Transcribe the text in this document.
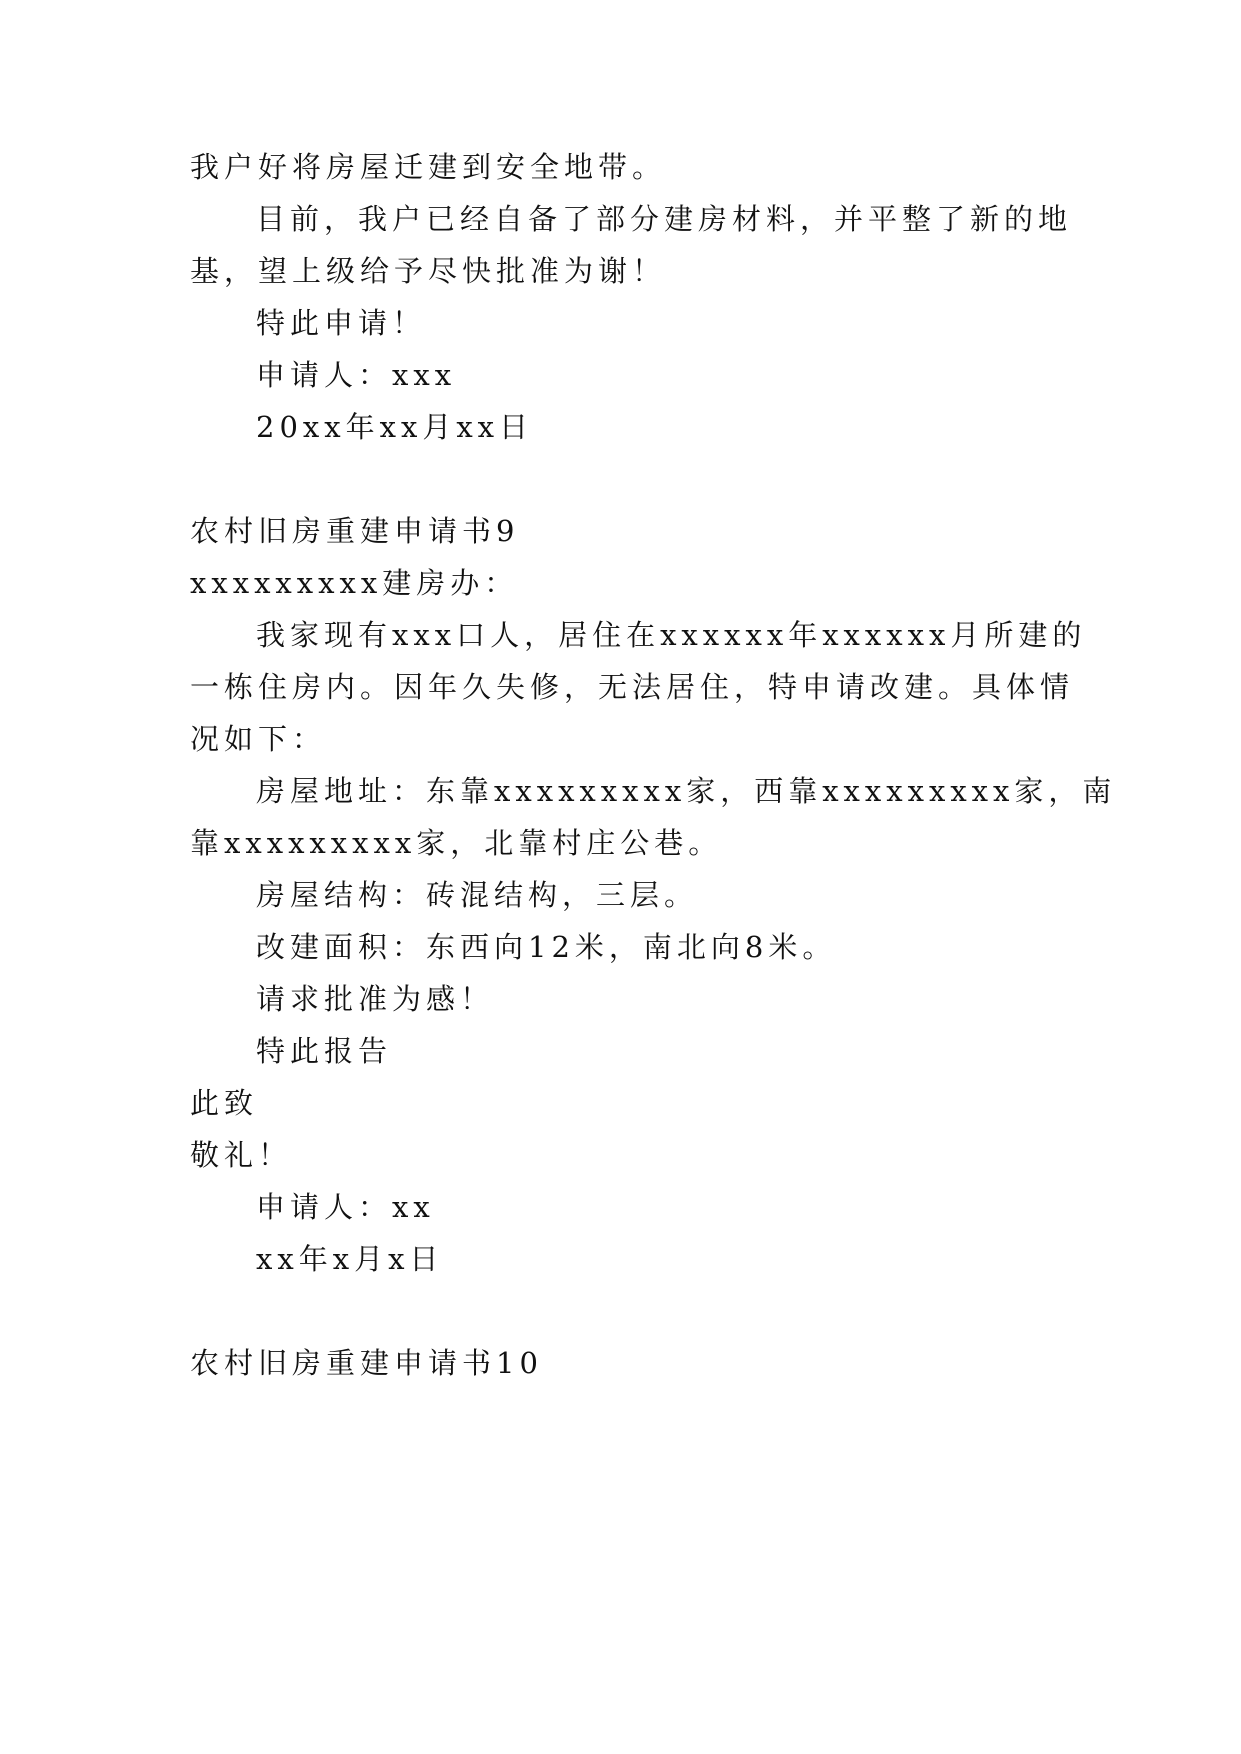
我户好将房屋迁建到安全地带。
目前，我户已经自备了部分建房材料，并平整了新的地
基，望上级给予尽快批准为谢！
特此申请！
申请人：xxx
20xx年xx月xx日
农村旧房重建申请书9
xxxxxxxxx建房办：
我家现有xxx口人，居住在xxxxxx年xxxxxx月所建的
一栋住房内。因年久失修，无法居住，特申请改建。具体情
况如下：
房屋地址：东靠xxxxxxxxx家，西靠xxxxxxxxx家，南
靠xxxxxxxxx家，北靠村庄公巷。
房屋结构：砖混结构，三层。
改建面积：东西向12米，南北向8米。
请求批准为感！
特此报告
此致
敬礼！
申请人：xx
xx年x月x日
农村旧房重建申请书10
